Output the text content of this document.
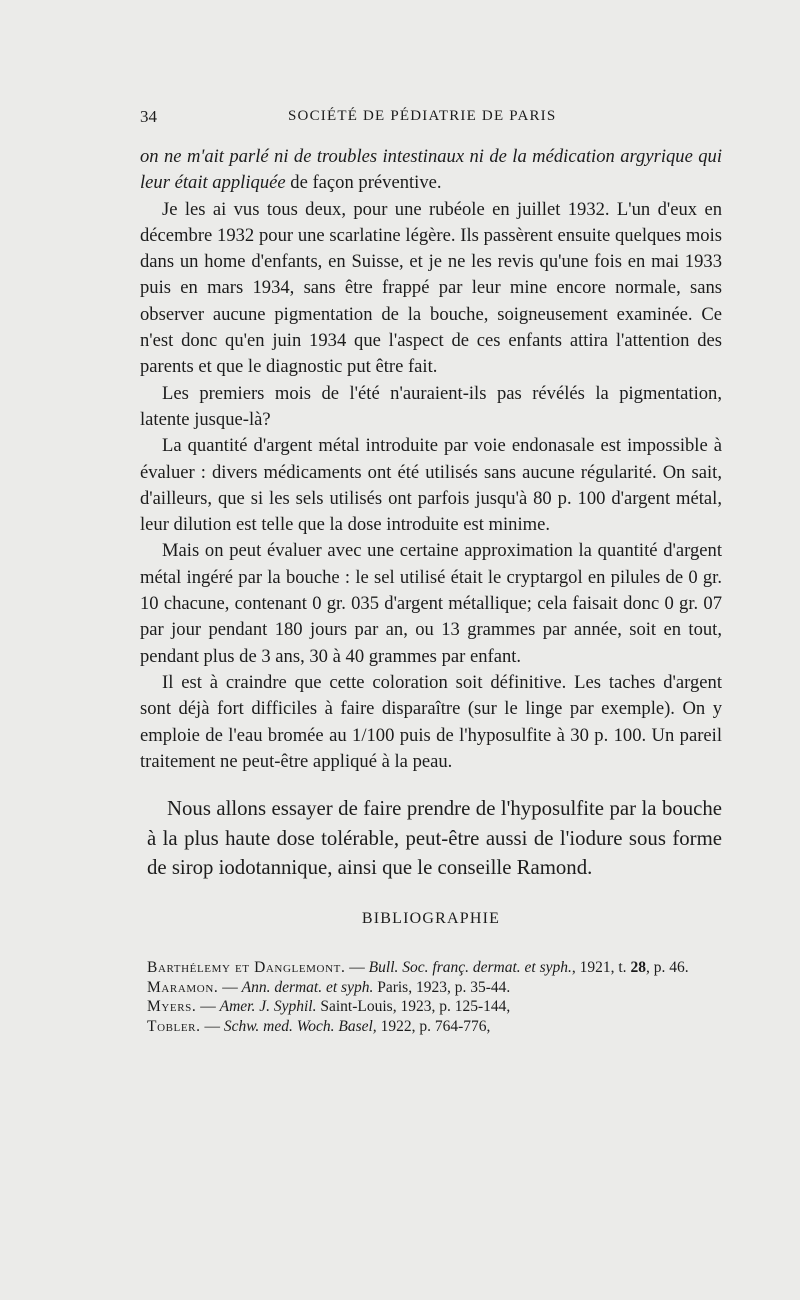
34	SOCIÉTÉ DE PÉDIATRIE DE PARIS

on ne m'ait parlé ni de troubles intestinaux ni de la médication argyrique qui leur était appliquée de façon préventive.

Je les ai vus tous deux, pour une rubéole en juillet 1932. L'un d'eux en décembre 1932 pour une scarlatine légère. Ils passèrent ensuite quelques mois dans un home d'enfants, en Suisse, et je ne les revis qu'une fois en mai 1933 puis en mars 1934, sans être frappé par leur mine encore normale, sans observer aucune pigmentation de la bouche, soigneusement examinée. Ce n'est donc qu'en juin 1934 que l'aspect de ces enfants attira l'attention des parents et que le diagnostic put être fait.

Les premiers mois de l'été n'auraient-ils pas révélés la pigmentation, latente jusque-là?

La quantité d'argent métal introduite par voie endonasale est impossible à évaluer : divers médicaments ont été utilisés sans aucune régularité. On sait, d'ailleurs, que si les sels utilisés ont parfois jusqu'à 80 p. 100 d'argent métal, leur dilution est telle que la dose introduite est minime.

Mais on peut évaluer avec une certaine approximation la quantité d'argent métal ingéré par la bouche : le sel utilisé était le cryptargol en pilules de 0 gr. 10 chacune, contenant 0 gr. 035 d'argent métallique; cela faisait donc 0 gr. 07 par jour pendant 180 jours par an, ou 13 grammes par année, soit en tout, pendant plus de 3 ans, 30 à 40 grammes par enfant.

Il est à craindre que cette coloration soit définitive. Les taches d'argent sont déjà fort difficiles à faire disparaître (sur le linge par exemple). On y emploie de l'eau bromée au 1/100 puis de l'hyposulfite à 30 p. 100. Un pareil traitement ne peut-être appliqué à la peau.

Nous allons essayer de faire prendre de l'hyposulfite par la bouche à la plus haute dose tolérable, peut-être aussi de l'iodure sous forme de sirop iodotannique, ainsi que le conseille Ramond.

BIBLIOGRAPHIE

Barthélemy et Danglemont. — Bull. Soc. franç. dermat. et syph., 1921, t. 28, p. 46.

Maramon. — Ann. dermat. et syph. Paris, 1923, p. 35-44.

Myers. — Amer. J. Syphil. Saint-Louis, 1923, p. 125-144,

Tobler. — Schw. med. Woch. Basel, 1922, p. 764-776,
